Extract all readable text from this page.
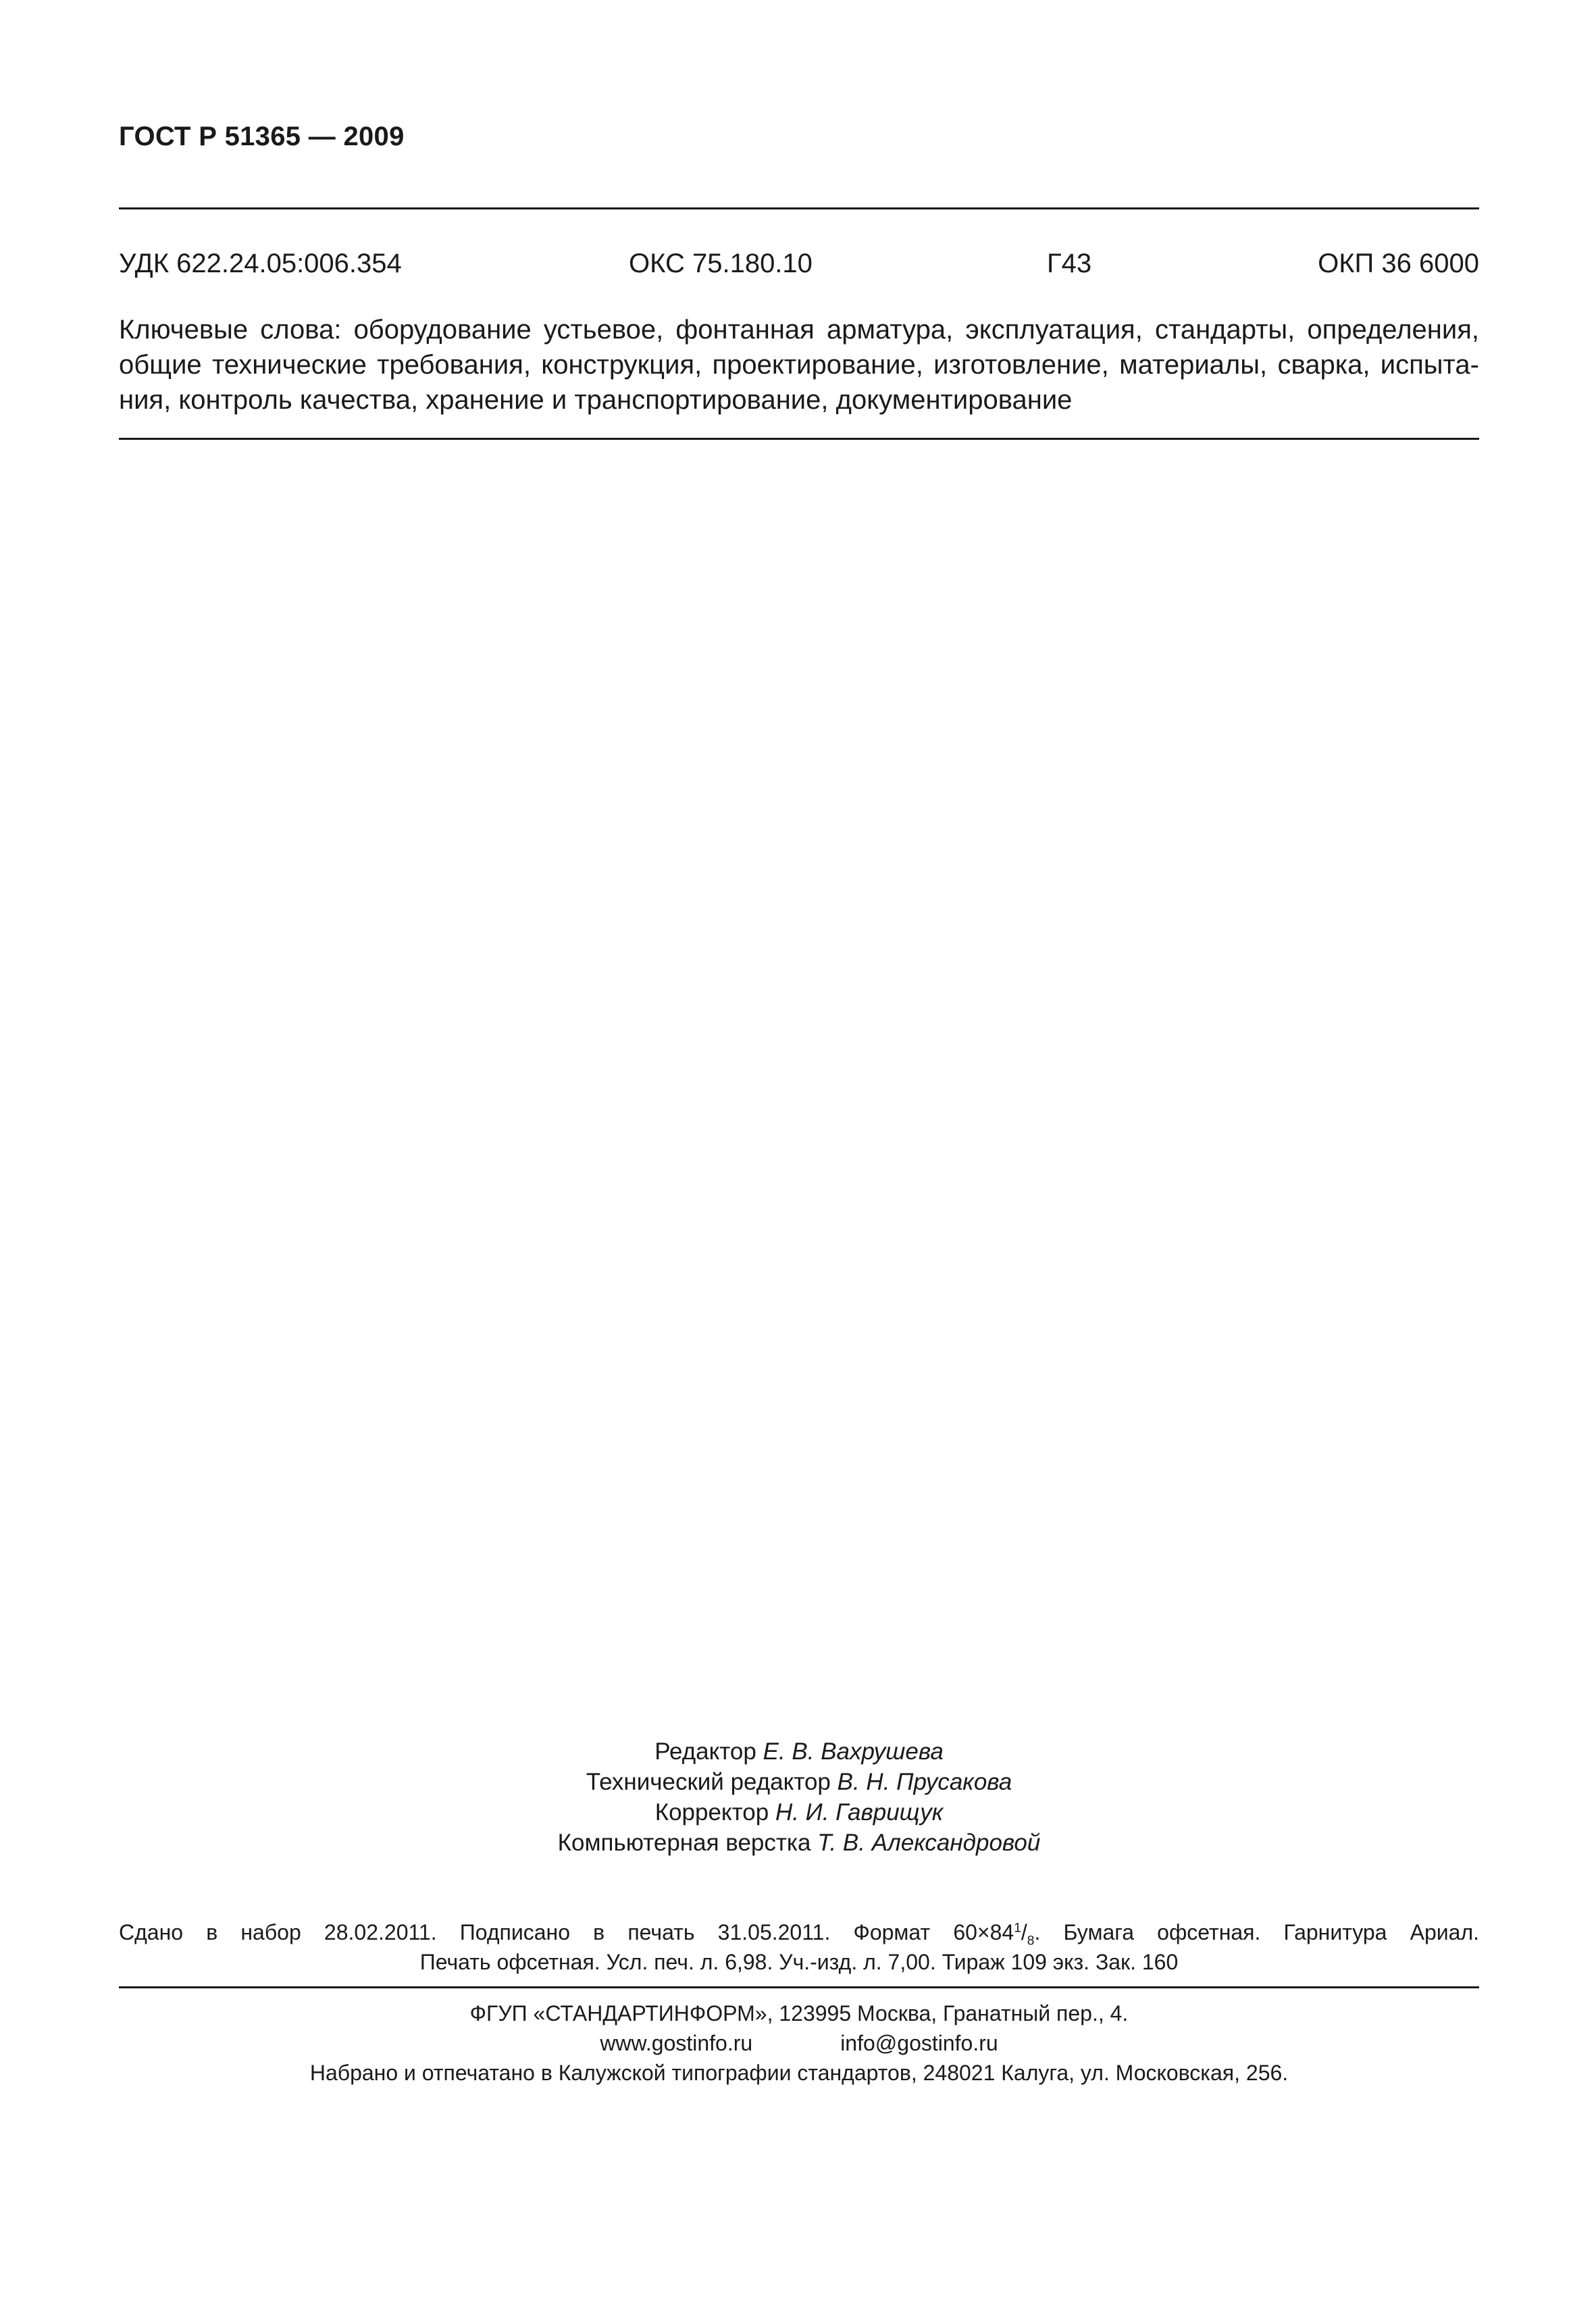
ГОСТ Р 51365 — 2009
УДК 622.24.05:006.354	ОКС 75.180.10	Г43	ОКП 36 6000
Ключевые слова: оборудование устьевое, фонтанная арматура, эксплуатация, стандарты, определения,
общие технические требования, конструкция, проектирование, изготовление, материалы, сварка, испыта-
ния, контроль качества, хранение и транспортирование, документирование
Редактор Е. В. Вахрушева
Технический редактор В. Н. Прусакова
Корректор Н. И. Гаврищук
Компьютерная верстка Т. В. Александровой
Сдано в набор 28.02.2011. Подписано в печать 31.05.2011. Формат $60\times 84^1/_8$. Бумага офсетная. Гарнитура Ариал.
Печать офсетная. Усл. печ. л. 6,98. Уч.-изд. л. 7,00. Тираж 109 экз. Зак. 160
ФГУП «СТАНДАРТИНФОРМ», 123995 Москва, Гранатный пер., 4.
www.gostinfo.ru	info@gostinfo.ru
Набрано и отпечатано в Калужской типографии стандартов, 248021 Калуга, ул. Московская, 256.
